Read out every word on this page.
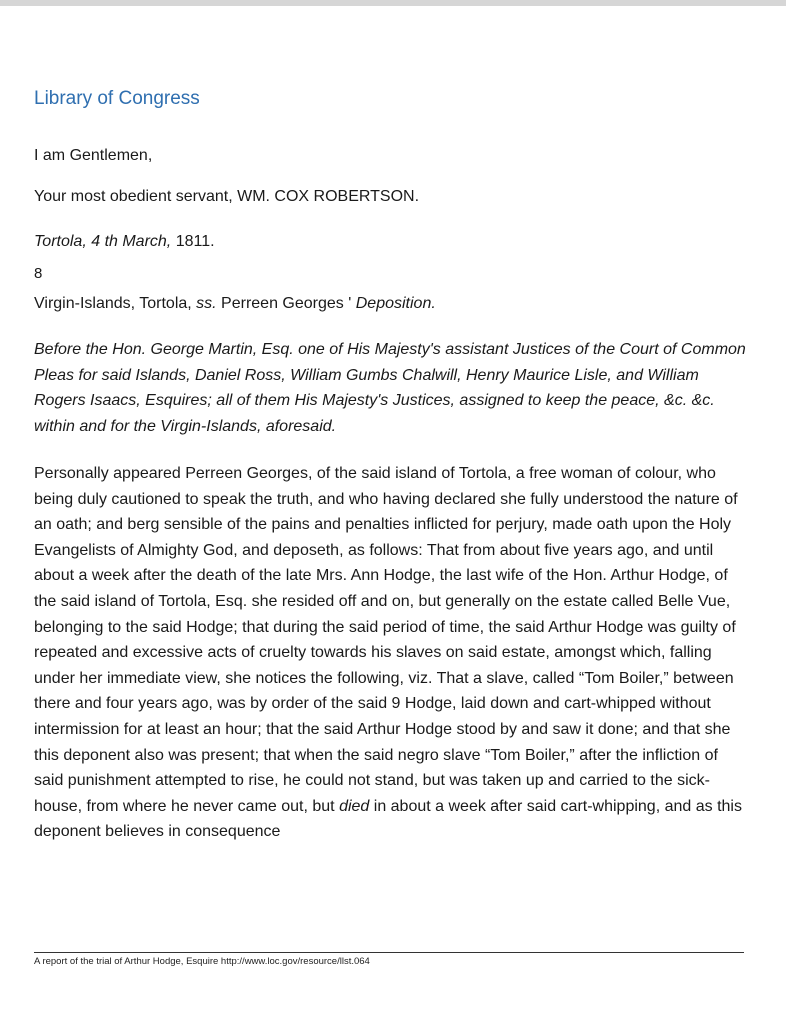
Library of Congress
I am Gentlemen,
Your most obedient servant, WM. COX ROBERTSON.
Tortola, 4 th March, 1811.
8
Virgin-Islands, Tortola, ss. Perreen Georges ' Deposition.
Before the Hon. George Martin, Esq. one of His Majesty's assistant Justices of the Court of Common Pleas for said Islands, Daniel Ross, William Gumbs Chalwill, Henry Maurice Lisle, and William Rogers Isaacs, Esquires; all of them His Majesty's Justices, assigned to keep the peace, &c. &c. within and for the Virgin-Islands, aforesaid.
Personally appeared Perreen Georges, of the said island of Tortola, a free woman of colour, who being duly cautioned to speak the truth, and who having declared she fully understood the nature of an oath; and berg sensible of the pains and penalties inflicted for perjury, made oath upon the Holy Evangelists of Almighty God, and deposeth, as follows: That from about five years ago, and until about a week after the death of the late Mrs. Ann Hodge, the last wife of the Hon. Arthur Hodge, of the said island of Tortola, Esq. she resided off and on, but generally on the estate called Belle Vue, belonging to the said Hodge; that during the said period of time, the said Arthur Hodge was guilty of repeated and excessive acts of cruelty towards his slaves on said estate, amongst which, falling under her immediate view, she notices the following, viz. That a slave, called “Tom Boiler,” between there and four years ago, was by order of the said 9 Hodge, laid down and cart-whipped without intermission for at least an hour; that the said Arthur Hodge stood by and saw it done; and that she this deponent also was present; that when the said negro slave “Tom Boiler,” after the infliction of said punishment attempted to rise, he could not stand, but was taken up and carried to the sick-house, from where he never came out, but died in about a week after said cart-whipping, and as this deponent believes in consequence
A report of the trial of Arthur Hodge, Esquire http://www.loc.gov/resource/llst.064
